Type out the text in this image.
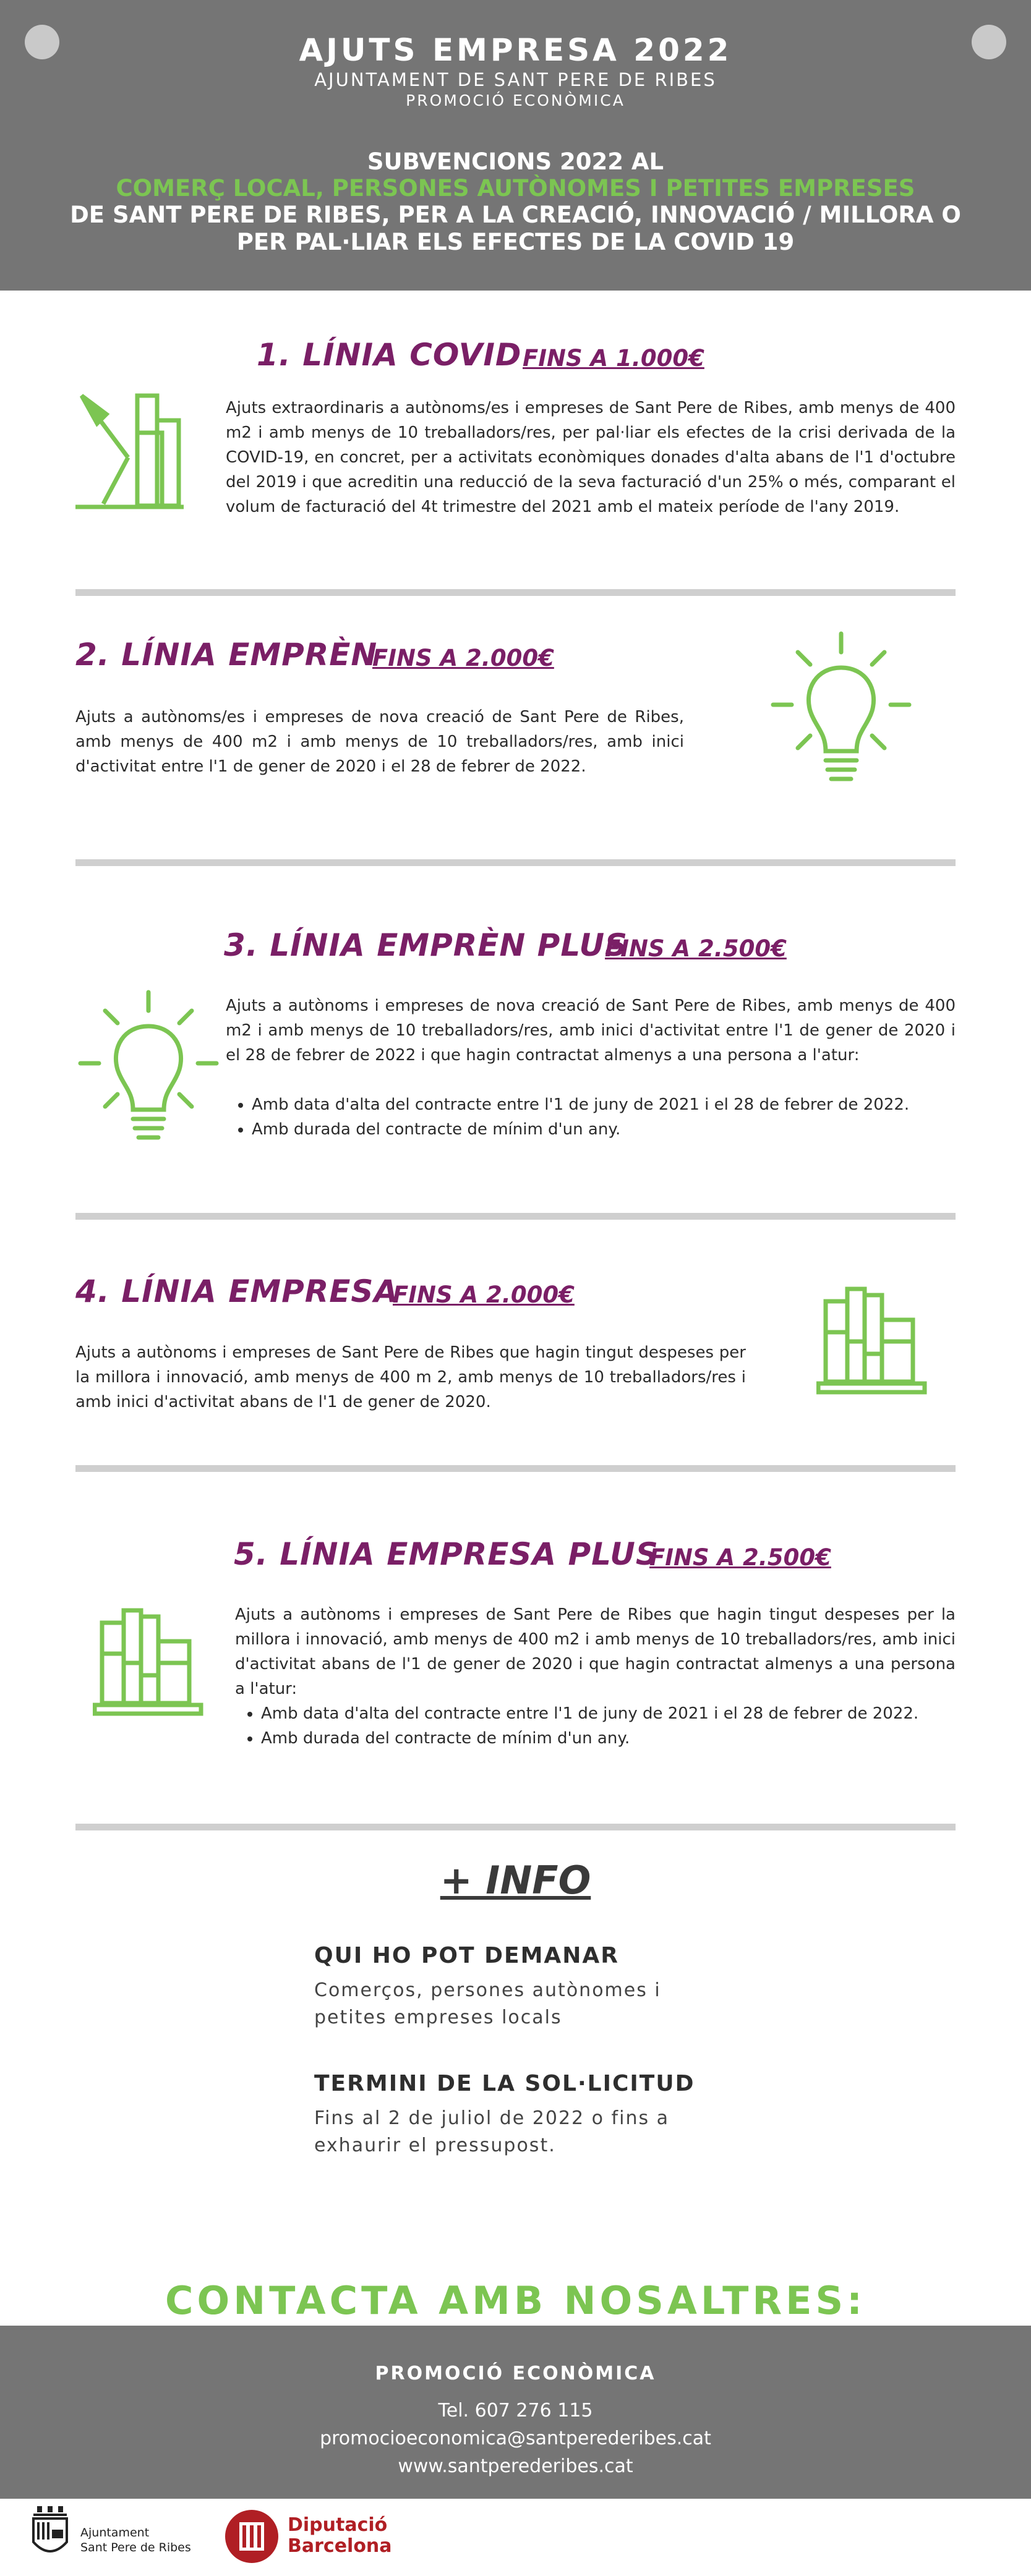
AJUTS EMPRESA 2022
AJUNTAMENT DE SANT PERE DE RIBES
PROMOCIÓ ECONÒMICA
SUBVENCIONS 2022 AL
COMERÇ LOCAL, PERSONES AUTÒNOMES I PETITES EMPRESES
DE SANT PERE DE RIBES, PER A LA CREACIÓ, INNOVACIÓ / MILLORA O
PER PAL·LIAR ELS EFECTES DE LA COVID 19
1. LÍNIA COVID FINS A 1.000€
Ajuts extraordinaris a autònoms/es i empreses de Sant Pere de Ribes, amb menys de 400 m2 i amb menys de 10 treballadors/res, per pal·liar els efectes de la crisi derivada de la COVID-19, en concret, per a activitats econòmiques donades d'alta abans de l'1 d'octubre del 2019 i que acreditin una reducció de la seva facturació d'un 25% o més, comparant el volum de facturació del 4t trimestre del 2021 amb el mateix període de l'any 2019.
2. LÍNIA EMPRÈN
FINS A 2.000€
Ajuts a autònoms/es i empreses de nova creació de Sant Pere de Ribes, amb menys de 400 m2 i amb menys de 10 treballadors/res, amb inici d'activitat entre l'1 de gener de 2020 i el 28 de febrer de 2022.
3. LÍNIA EMPRÈN PLUS
FINS A 2.500€
Ajuts a autònoms i empreses de nova creació de Sant Pere de Ribes, amb menys de 400 m2 i amb menys de 10 treballadors/res, amb inici d'activitat entre l'1 de gener de 2020 i el 28 de febrer de 2022 i que hagin contractat almenys a una persona a l'atur:
• Amb data d'alta del contracte entre l'1 de juny de 2021 i el 28 de febrer de 2022.
• Amb durada del contracte de mínim d'un any.
4. LÍNIA EMPRESA
FINS A 2.000€
Ajuts a autònoms i empreses de Sant Pere de Ribes que hagin tingut despeses per la millora i innovació, amb menys de 400 m 2, amb menys de 10 treballadors/res i amb inici d'activitat abans de l'1 de gener de 2020.
5. LÍNIA EMPRESA PLUS
FINS A 2.500€
Ajuts a autònoms i empreses de Sant Pere de Ribes que hagin tingut despeses per la millora i innovació, amb menys de 400 m2 i amb menys de 10 treballadors/res, amb inici d'activitat abans de l'1 de gener de 2020 i que hagin contractat almenys a una persona a l'atur:
• Amb data d'alta del contracte entre l'1 de juny de 2021 i el 28 de febrer de 2022.
• Amb durada del contracte de mínim d'un any.
+ INFO
QUI HO POT DEMANAR
Comerços, persones autònomes i
petites empreses locals
TERMINI DE LA SOL·LICITUD
Fins al 2 de juliol de 2022 o fins a
exhaurir el pressupost.
CONTACTA AMB NOSALTRES:
PROMOCIÓ ECONÒMICA
Tel. 607 276 115
promocioeconomica@santperederibes.cat
www.santperederibes.cat
Ajuntament
Sant Pere de Ribes
Diputació
Barcelona
